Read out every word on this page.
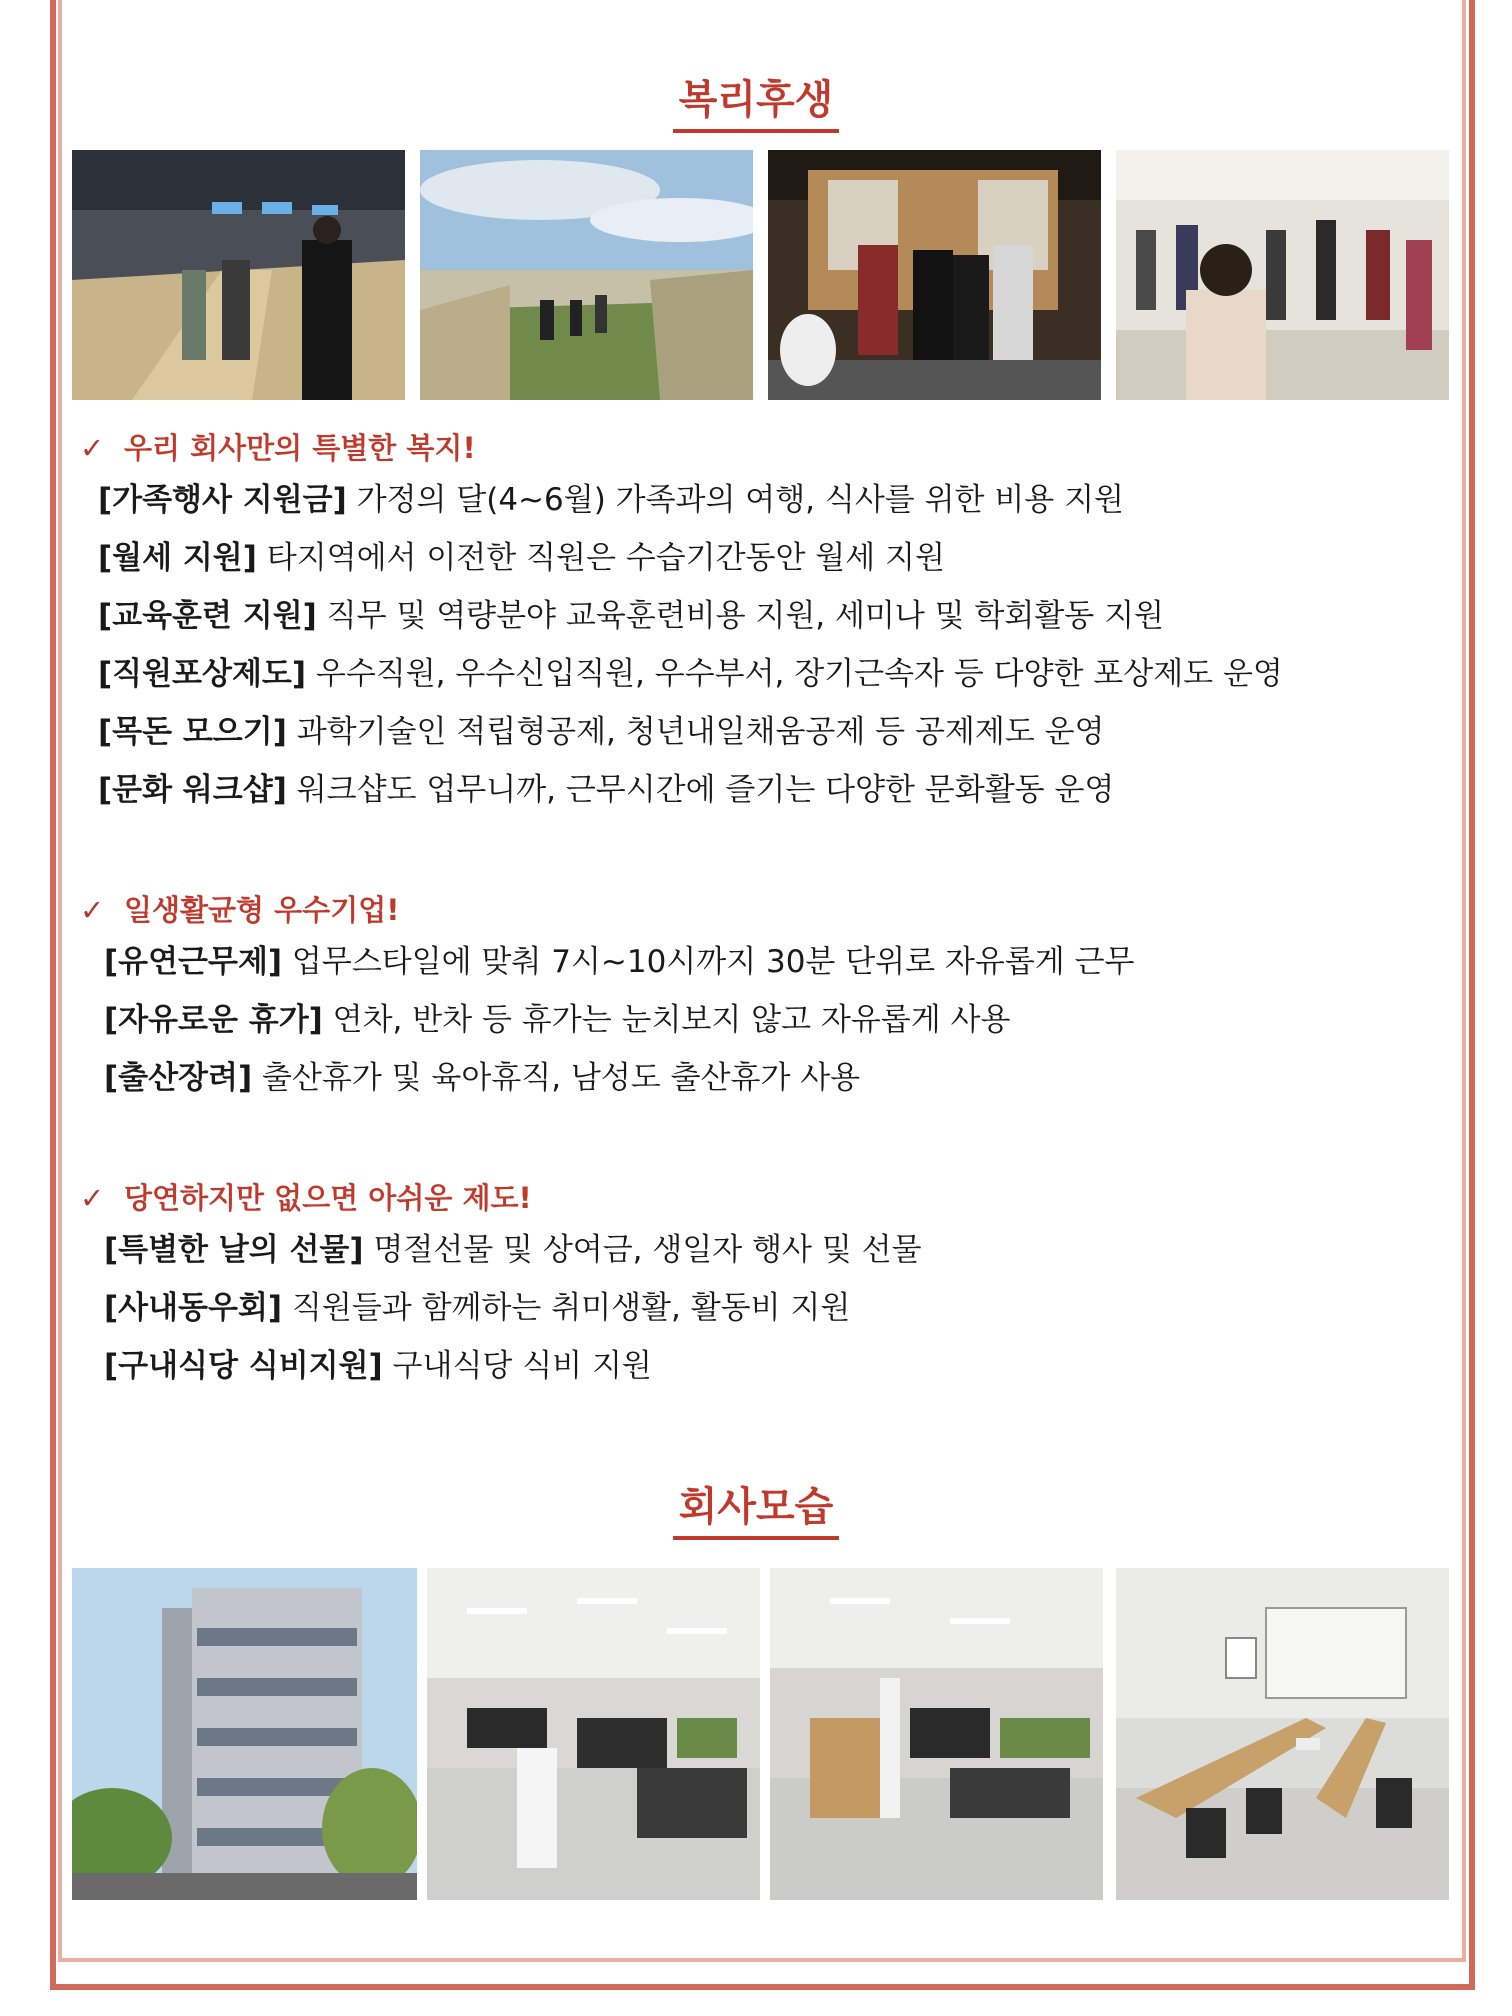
복리후생
✓ 우리 회사만의 특별한 복지!
[가족행사 지원금] 가정의 달(4~6월) 가족과의 여행, 식사를 위한 비용 지원
[월세 지원] 타지역에서 이전한 직원은 수습기간동안 월세 지원
[교육훈련 지원] 직무 및 역량분야 교육훈련비용 지원, 세미나 및 학회활동 지원
[직원포상제도] 우수직원, 우수신입직원, 우수부서, 장기근속자 등 다양한 포상제도 운영
[목돈 모으기] 과학기술인 적립형공제, 청년내일채움공제 등 공제제도 운영
[문화 워크샵] 워크샵도 업무니까, 근무시간에 즐기는 다양한 문화활동 운영
✓ 일생활균형 우수기업!
[유연근무제] 업무스타일에 맞춰 7시~10시까지 30분 단위로 자유롭게 근무
[자유로운 휴가] 연차, 반차 등 휴가는 눈치보지 않고 자유롭게 사용
[출산장려] 출산휴가 및 육아휴직, 남성도 출산휴가 사용
✓ 당연하지만 없으면 아쉬운 제도!
[특별한 날의 선물] 명절선물 및 상여금, 생일자 행사 및 선물
[사내동우회] 직원들과 함께하는 취미생활, 활동비 지원
[구내식당 식비지원] 구내식당 식비 지원
회사모습
